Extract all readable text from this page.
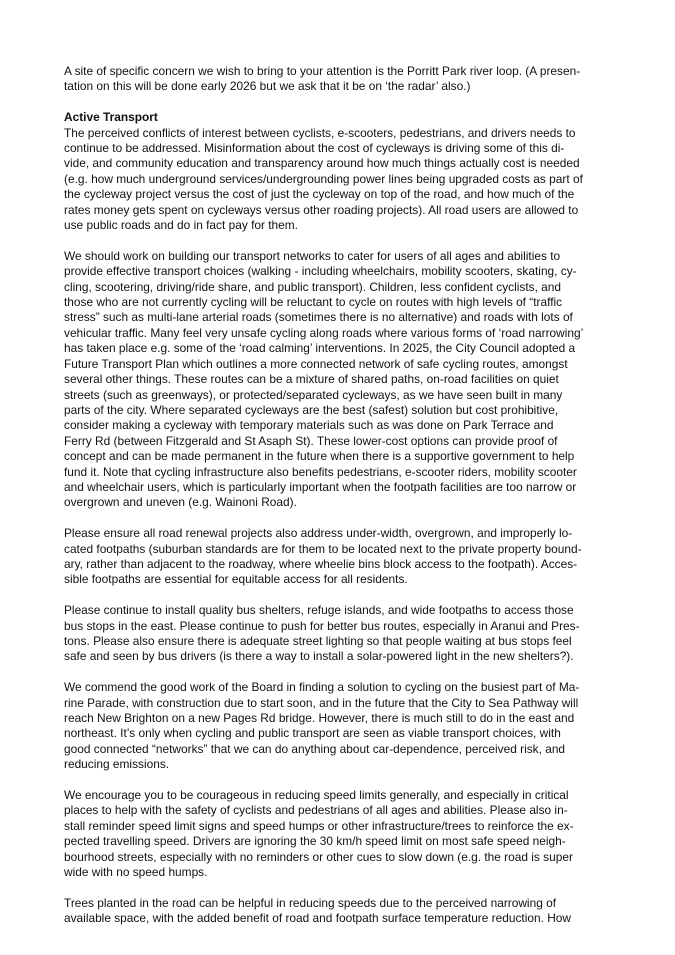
A site of specific concern we wish to bring to your attention is the Porritt Park river loop. (A presen-
tation on this will be done early 2026 but we ask that it be on ‘the radar’ also.)
Active Transport
The perceived conflicts of interest between cyclists, e-scooters, pedestrians, and drivers needs to
continue to be addressed. Misinformation about the cost of cycleways is driving some of this di-
vide, and community education and transparency around how much things actually cost is needed
(e.g. how much underground services/undergrounding power lines being upgraded costs as part of
the cycleway project versus the cost of just the cycleway on top of the road, and how much of the
rates money gets spent on cycleways versus other roading projects). All road users are allowed to
use public roads and do in fact pay for them.
We should work on building our transport networks to cater for users of all ages and abilities to
provide effective transport choices (walking - including wheelchairs, mobility scooters, skating, cy-
cling, scootering, driving/ride share, and public transport). Children, less confident cyclists, and
those who are not currently cycling will be reluctant to cycle on routes with high levels of “traffic
stress” such as multi-lane arterial roads (sometimes there is no alternative) and roads with lots of
vehicular traffic. Many feel very unsafe cycling along roads where various forms of ‘road narrowing’
has taken place e.g. some of the ‘road calming’ interventions. In 2025, the City Council adopted a
Future Transport Plan which outlines a more connected network of safe cycling routes, amongst
several other things. These routes can be a mixture of shared paths, on-road facilities on quiet
streets (such as greenways), or protected/separated cycleways, as we have seen built in many
parts of the city. Where separated cycleways are the best (safest) solution but cost prohibitive,
consider making a cycleway with temporary materials such as was done on Park Terrace and
Ferry Rd (between Fitzgerald and St Asaph St). These lower-cost options can provide proof of
concept and can be made permanent in the future when there is a supportive government to help
fund it. Note that cycling infrastructure also benefits pedestrians, e-scooter riders, mobility scooter
and wheelchair users, which is particularly important when the footpath facilities are too narrow or
overgrown and uneven (e.g. Wainoni Road).
Please ensure all road renewal projects also address under-width, overgrown, and improperly lo-
cated footpaths (suburban standards are for them to be located next to the private property bound-
ary, rather than adjacent to the roadway, where wheelie bins block access to the footpath). Acces-
sible footpaths are essential for equitable access for all residents.
Please continue to install quality bus shelters, refuge islands, and wide footpaths to access those
bus stops in the east. Please continue to push for better bus routes, especially in Aranui and Pres-
tons. Please also ensure there is adequate street lighting so that people waiting at bus stops feel
safe and seen by bus drivers (is there a way to install a solar-powered light in the new shelters?).
We commend the good work of the Board in finding a solution to cycling on the busiest part of Ma-
rine Parade, with construction due to start soon, and in the future that the City to Sea Pathway will
reach New Brighton on a new Pages Rd bridge. However, there is much still to do in the east and
northeast. It’s only when cycling and public transport are seen as viable transport choices, with
good connected “networks” that we can do anything about car-dependence, perceived risk, and
reducing emissions.
We encourage you to be courageous in reducing speed limits generally, and especially in critical
places to help with the safety of cyclists and pedestrians of all ages and abilities. Please also in-
stall reminder speed limit signs and speed humps or other infrastructure/trees to reinforce the ex-
pected travelling speed. Drivers are ignoring the 30 km/h speed limit on most safe speed neigh-
bourhood streets, especially with no reminders or other cues to slow down (e.g. the road is super
wide with no speed humps.
Trees planted in the road can be helpful in reducing speeds due to the perceived narrowing of
available space, with the added benefit of road and footpath surface temperature reduction. How
